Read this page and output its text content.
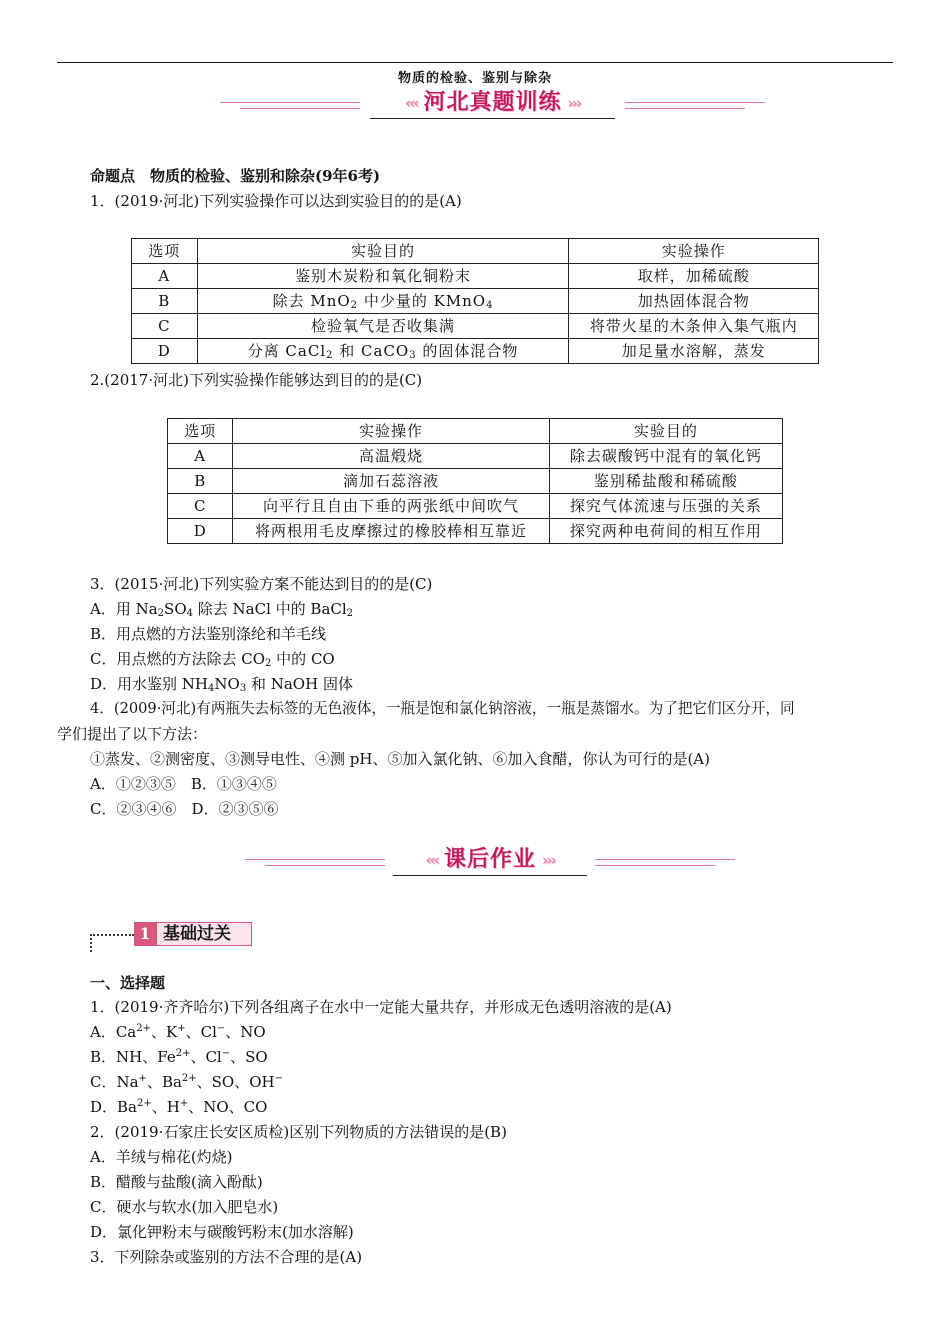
物质的检验、鉴别与除杂
‹‹‹ 河北真题训练 ›››
命题点　物质的检验、鉴别和除杂(9年6考)
1．(2019·河北)下列实验操作可以达到实验目的的是(A)
选项	实验目的	实验操作
A	鉴别木炭粉和氧化铜粉末	取样，加稀硫酸
B	除去 MnO$_2$ 中少量的 KMnO$_4$	加热固体混合物
C	检验氧气是否收集满	将带火星的木条伸入集气瓶内
D	分离 CaCl$_2$ 和 CaCO$_3$ 的固体混合物	加足量水溶解，蒸发
2.(2017·河北)下列实验操作能够达到目的的是(C)
选项	实验操作	实验目的
A	高温煅烧	除去碳酸钙中混有的氧化钙
B	滴加石蕊溶液	鉴别稀盐酸和稀硫酸
C	向平行且自由下垂的两张纸中间吹气	探究气体流速与压强的关系
D	将两根用毛皮摩擦过的橡胶棒相互靠近	探究两种电荷间的相互作用
3．(2015·河北)下列实验方案不能达到目的的是(C)
A．用 $Na_2SO_4$ 除去 NaCl 中的 BaCl$_2$
B．用点燃的方法鉴别涤纶和羊毛线
C．用点燃的方法除去 $CO_2$ 中的 CO
D．用水鉴别 $NH_4NO_3$ 和 NaOH 固体
4．(2009·河北)有两瓶失去标签的无色液体，一瓶是饱和氯化钠溶液，一瓶是蒸馏水。为了把它们区分开，同
学们提出了以下方法：
①蒸发、②测密度、③测导电性、④测 pH、⑤加入氯化钠、⑥加入食醋，你认为可行的是(A)
A．①②③⑤　B．①③④⑤
C．②③④⑥　D．②③⑤⑥
‹‹‹ 课后作业 ›››
1 基础过关
一、选择题
1．(2019·齐齐哈尔)下列各组离子在水中一定能大量共存，并形成无色透明溶液的是(A)
A．$Ca^{2+}$、K+、Cl−、NO
B．NH、$Fe^{2+}$、Cl−、SO
C．Na+、$Ba^{2+}$、SO、OH−
D．$Ba^{2+}$、H+、NO、CO
2．(2019·石家庄长安区质检)区别下列物质的方法错误的是(B)
A．羊绒与棉花(灼烧)
B．醋酸与盐酸(滴入酚酞)
C．硬水与软水(加入肥皂水)
D．氯化钾粉末与碳酸钙粉末(加水溶解)
3．下列除杂或鉴别的方法不合理的是(A)
